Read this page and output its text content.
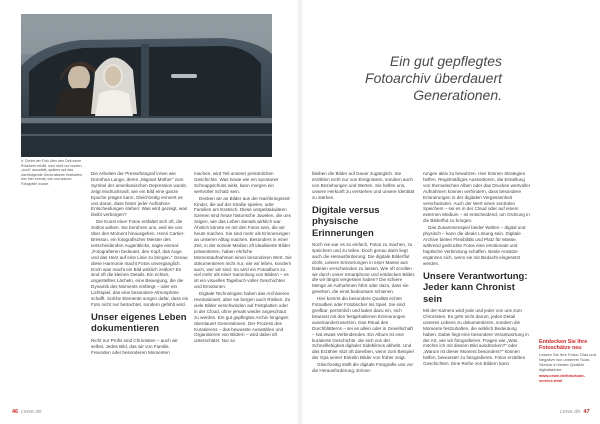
Ir. Dorint der Foto über den Deit seine Rückkehr erhält, sind nicht nur bunten, „noch“ auswählt, spätere auf das nachfolgende Generationen festhalten, wer hier einmal, wie und warum Fotografie wurde.

Die Arbeiten der Pressefotograf innen wie Dorothea Lange, deren „Migrant Mother“ zum Symbol der amerikanischen Depression wurde, zeigt eindrucksvoll, wie ein Bild eine ganze Epoche prägen kann. Gleichzeitig erinnert es uns daran, dass hinter jeder Aufnahme Entscheidungen stehen: Was wird gezeigt, was bleibt verborgen?

Die Kunst einer Fotos entfaltet sich oft, die zeitlos wirken. Sie berühren uns, weil sie uns über den Moment hinausgehen. Henri Cartier-Bresson, ein fotografischer Meister des entscheidenden Augenblicks, sagte einmal: „Fotografieren bedeutet, den Kopf, das Auge und das Herz auf eine Linie zu bringen.“ Genau diese Harmonie macht Fotos unvergänglich. Doch was macht ein Bild wirklich zeitlos? Es sind oft die kleinen Details. Ein echtes, ungestelltes Lächeln, eine Bewegung, die die Dynamik des Moments einfängt – oder ein Lichtspiel, das eine besondere Atmosphäre schafft. Solche Elemente sorgen dafür, dass ein Foto nicht nur betrachtet, sondern gefühlt wird.

Unser eigenes Leben dokumentieren

Nicht nur Profis sind Chronisten – auch wir selbst. Jedes Bild, das wir von Familie, Freunden oder besonderen Momenten

machen, wird Teil unserer persönlichen Geschichte. Was heute wie ein spontaner Schnappschuss wirkt, kann morgen ein wertvoller Schatz sein.

Denken wir an Bilder aus der Nachkriegszeit: Kinder, die auf der Straße spielen, oder Familien am Esstisch. Diese unspektakulären Szenen sind heute historische Juwelen, die uns zeigen, wie das Leben damals wirklich war. Ähnlich könnte es mit den Fotos sein, die wir heute machen. Sie sind mehr als Erinnerungen an unseren Alltag machen. Besonders in einer Zeit, in der soziale Medien oft idealisierte Bilder präsentieren, haben ehrliche Momentaufnahmen einen besonderen Wert. Sie dokumentieren nicht nur, wie wir leben, sondern auch, wer wir sind. So wird ein Fotoalbum zu viel mehr als einer Sammlung von Bildern – es ist ein visuelles Tagebuch voller Geschichten und Emotionen.

Digitale Technologien haben das Archivieren revolutioniert, aber sie bergen auch Risiken. Zu viele Bilder verschwinden auf Festplatten oder in der Cloud, ohne jemals wieder angeschaut zu werden. Ein gut gepflegtes Archiv hingegen überdauert Generationen. Der Prozess des Kuratierens – das bewusste Auswählen und Organisieren von Bildern – wird dabei oft unterschätzt. Nur so

bleiben die Bilder auf Dauer zugänglich. Sie erzählen nicht nur von Ereignissen, sondern auch von Beziehungen und Werten. Sie helfen uns, unsere Herkunft zu verstehen und unsere Identität zu stärken.

Digitale versus physische Erinnerungen

Noch nie war es so einfach, Fotos zu machen, zu speichern und zu teilen. Doch genau darin liegt auch die Herausforderung: Die digitale Bilderflut droht, unsere Erinnerungen in einer Masse aus Dateien verschwinden zu lassen. Wie oft scrollen wir durch unser Smartphone und entdecken Bilder, die wir längst vergessen haben? Die schiere Menge an Aufnahmen führt oder dazu, dass sie gesehen, die einst bedeutsam schienen.

Hier kommt die besondere Qualität echter Fotoalben oder Fotobücher ins Spiel. Sie sind greifbar, persönlich und laden dazu ein, sich bewusst mit den festgehaltenen Erinnerungen auseinanderzusetzen. Das Ritual des Durchblätterns – sei es allein oder in Gesellschaft – hat etwas Verbindendes. Ein Album ist eine kuratierte Geschichte, die sich von der Schnelllebigkeit digitaler Sidebilmos abhebt. Und das Erzähler sitzt oft daneben, wenn zum Beispiel der Opa seiner Enkelin Bilder von früher zeigt.

Gleichzeitig stellt die digitale Fotografie uns vor die Herausforderung, Erinne-

rungen aktiv zu bewahren. Hier können Strategien helfen. Regelmäßiges Aussortieren, die Erstellung von thematischen Alben oder das Drucken wertvoller Aufnahmen können verhindern, dass besondere Erinnerungen in der digitalen Vergessenheit verschwinden. Auch der Wert eines zentralen Speichers – sei es in der Cloud oder auf einem externen Medium – ist entscheidend, um Ordnung in die Bilderflut zu bringen.

Das Zusammenspiel beider Welten – digital und physisch – kann die ideale Lösung sein. Digitale Archive bieten Flexibilität und Platz für Masse, während gedruckte Fotos eine emotionale und haptische Verbindung schaffen. Beide Ansätze ergänzen sich, wenn sie mit Bedacht eingesetzt werden.

Unsere Verantwortung: Jeder kann Chronist sein

Mit der Kamera wird jede und jeder von uns zum Chronisten. Es geht nicht darum, jedes Detail unseres Lebens zu dokumentieren, sondern die Momente festzuhalten, die wirklich Bedeutung haben. Dabei liegt eine besondere Verantwortung in der Art, wie wir fotografieren. Fragen wie „Was möchte ich mit diesem Bild ausdrücken?“ oder „Warum ist dieser Moment besonders?“ können helfen, bewusster zu fotografieren. Fotos erzählen Geschichten. Eine Reihe von Bildern kann

Ein gut gepflegtes Fotoarchiv überdauert Generationen.
Entdecken Sie Ihre Fotoschätze neu
Lassen Sie Ihre Fotos, Dias und Negative von unserem Scan-Service in bester Qualität digitalisieren:
www.cewe.de/foto/scan-service.html
46 cewe.de	cewe.de 47
